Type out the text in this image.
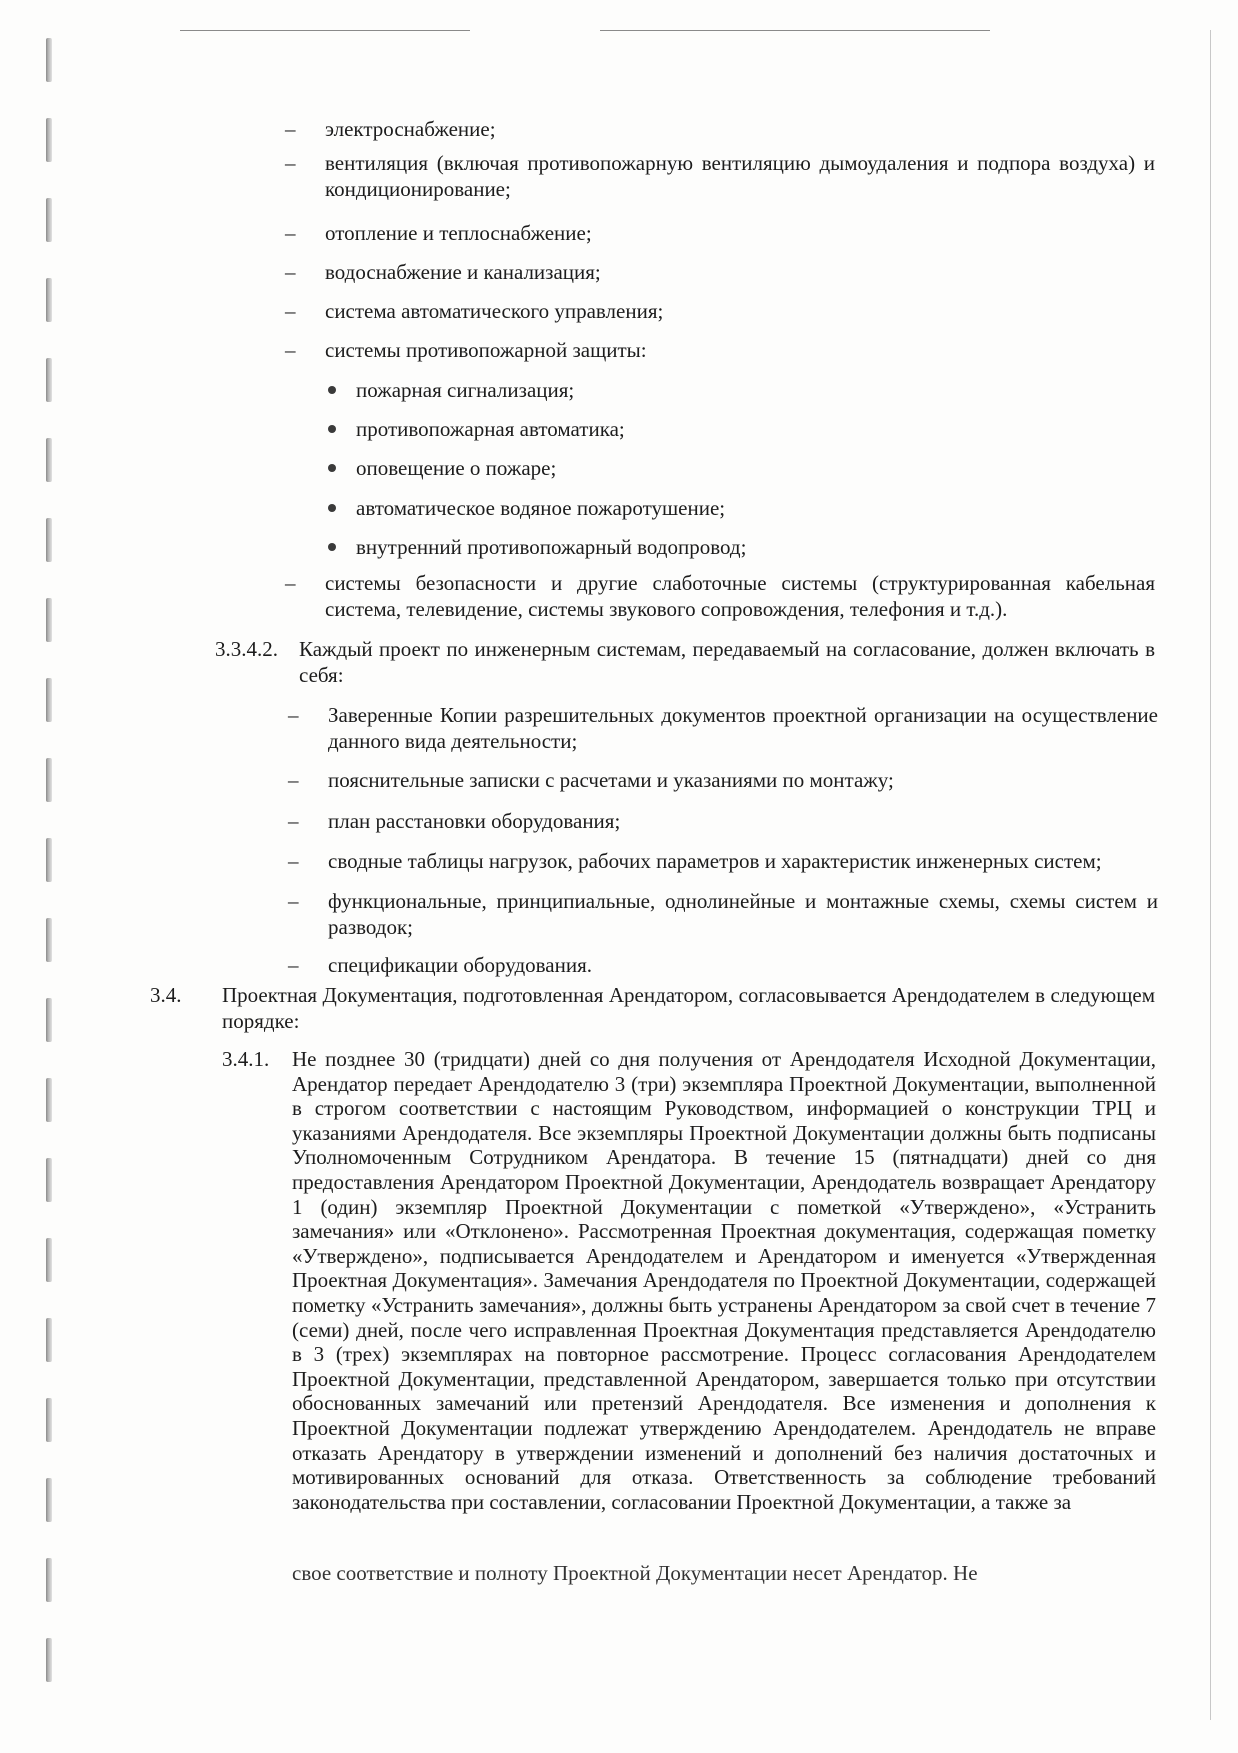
–	электроснабжение;
–	вентиляция (включая противопожарную вентиляцию дымоудаления и подпора воздуха) и кондиционирование;
–	отопление и теплоснабжение;
–	водоснабжение и канализация;
–	система автоматического управления;
–	системы противопожарной защиты:
пожарная сигнализация;
противопожарная автоматика;
оповещение о пожаре;
автоматическое водяное пожаротушение;
внутренний противопожарный водопровод;
–	системы безопасности и другие слаботочные системы (структурированная кабельная система, телевидение, системы звукового сопровождения, телефония и т.д.).
3.3.4.2. Каждый проект по инженерным системам, передаваемый на согласование, должен включать в себя:
–	Заверенные Копии разрешительных документов проектной организации на осуществление данного вида деятельности;
–	пояснительные записки с расчетами и указаниями по монтажу;
–	план расстановки оборудования;
–	сводные таблицы нагрузок, рабочих параметров и характеристик инженерных систем;
–	функциональные, принципиальные, однолинейные и монтажные схемы, схемы систем и разводок;
–	спецификации оборудования.
3.4. Проектная Документация, подготовленная Арендатором, согласовывается Арендодателем в следующем порядке:
3.4.1. Не позднее 30 (тридцати) дней со дня получения от Арендодателя Исходной Документации, Арендатор передает Арендодателю 3 (три) экземпляра Проектной Документации, выполненной в строгом соответствии с настоящим Руководством, информацией о конструкции ТРЦ и указаниями Арендодателя. Все экземпляры Проектной Документации должны быть подписаны Уполномоченным Сотрудником Арендатора. В течение 15 (пятнадцати) дней со дня предоставления Арендатором Проектной Документации, Арендодатель возвращает Арендатору 1 (один) экземпляр Проектной Документации с пометкой «Утверждено», «Устранить замечания» или «Отклонено». Рассмотренная Проектная документация, содержащая пометку «Утверждено», подписывается Арендодателем и Арендатором и именуется «Утвержденная Проектная Документация». Замечания Арендодателя по Проектной Документации, содержащей пометку «Устранить замечания», должны быть устранены Арендатором за свой счет в течение 7 (семи) дней, после чего исправленная Проектная Документация представляется Арендодателю в 3 (трех) экземплярах на повторное рассмотрение. Процесс согласования Арендодателем Проектной Документации, представленной Арендатором, завершается только при отсутствии обоснованных замечаний или претензий Арендодателя. Все изменения и дополнения к Проектной Документации подлежат утверждению Арендодателем. Арендодатель не вправе отказать Арендатору в утверждении изменений и дополнений без наличия достаточных и мотивированных оснований для отказа. Ответственность за соблюдение требований законодательства при составлении, согласовании Проектной Документации, а также за
свое соответствие и полноту Проектной Документации несет Арендатор. Не
